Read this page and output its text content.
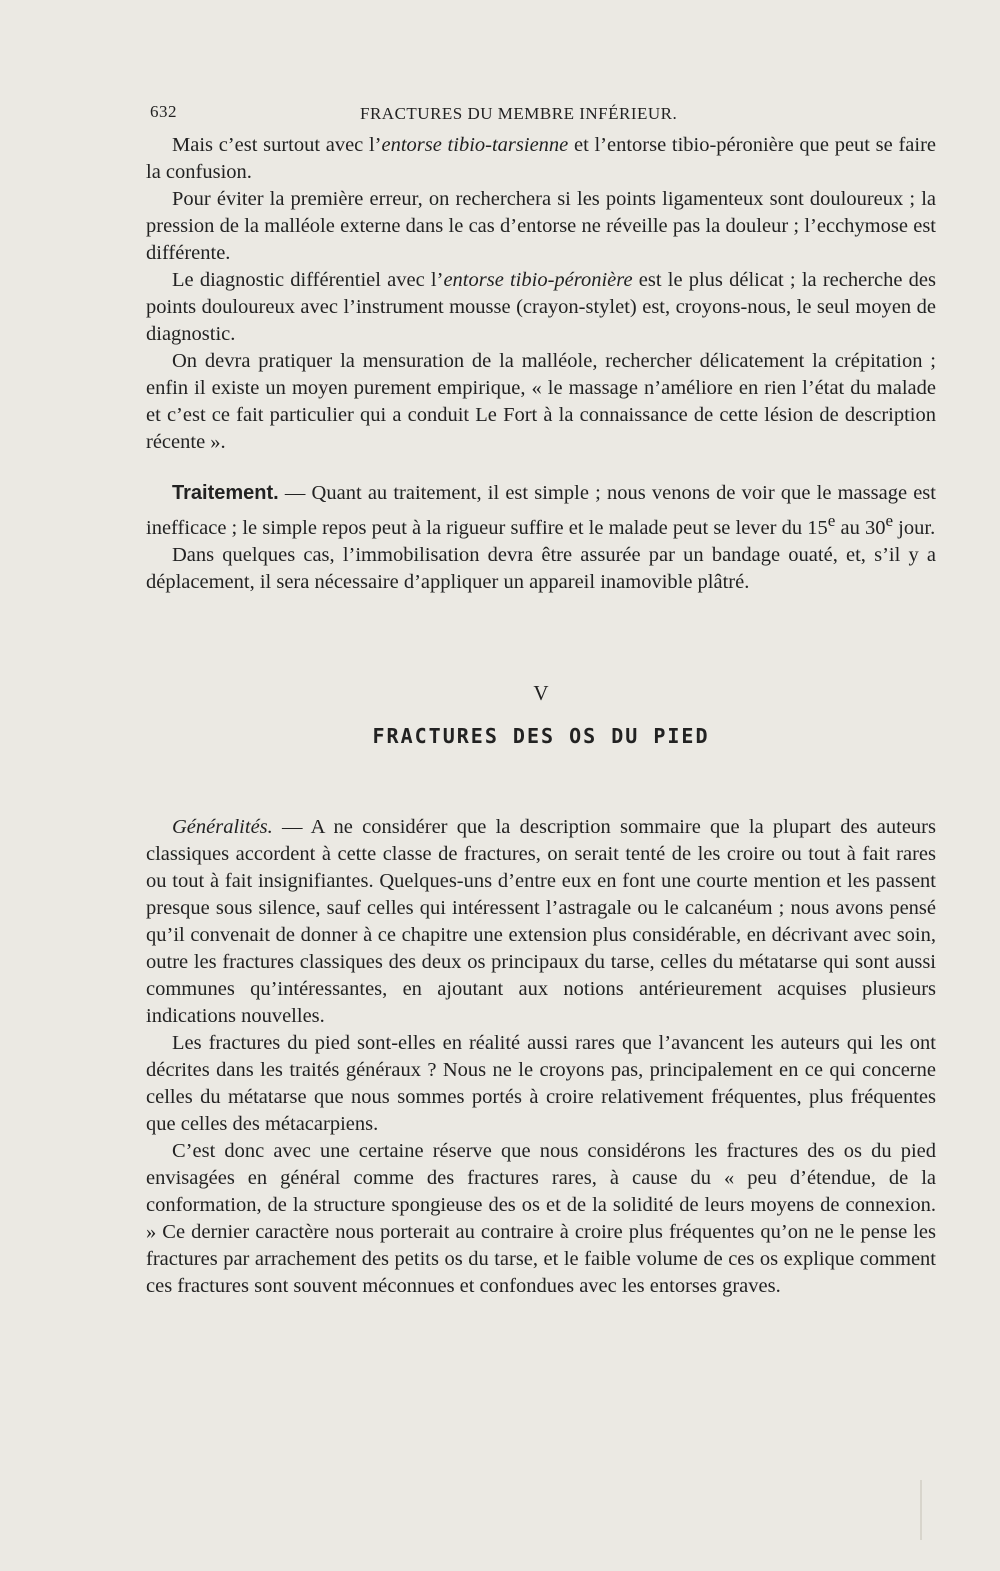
632	FRACTURES DU MEMBRE INFÉRIEUR.

Mais c’est surtout avec l’entorse tibio-tarsienne et l’entorse tibio-péronière que peut se faire la confusion.

Pour éviter la première erreur, on recherchera si les points ligamenteux sont douloureux ; la pression de la malléole externe dans le cas d’entorse ne réveille pas la douleur ; l’ecchymose est différente.

Le diagnostic différentiel avec l’entorse tibio-péronière est le plus délicat ; la recherche des points douloureux avec l’instrument mousse (crayon-stylet) est, croyons-nous, le seul moyen de diagnostic.

On devra pratiquer la mensuration de la malléole, rechercher délicatement la crépitation ; enfin il existe un moyen purement empirique, « le massage n’améliore en rien l’état du malade et c’est ce fait particulier qui a conduit Le Fort à la connaissance de cette lésion de description récente ».

Traitement. — Quant au traitement, il est simple ; nous venons de voir que le massage est inefficace ; le simple repos peut à la rigueur suffire et le malade peut se lever du 15e au 30e jour.

Dans quelques cas, l’immobilisation devra être assurée par un bandage ouaté, et, s’il y a déplacement, il sera nécessaire d’appliquer un appareil inamovible plâtré.

V
FRACTURES DES OS DU PIED

Généralités. — A ne considérer que la description sommaire que la plupart des auteurs classiques accordent à cette classe de fractures, on serait tenté de les croire ou tout à fait rares ou tout à fait insignifiantes. Quelques-uns d’entre eux en font une courte mention et les passent presque sous silence, sauf celles qui intéressent l’astragale ou le calcanéum ; nous avons pensé qu’il convenait de donner à ce chapitre une extension plus considérable, en décrivant avec soin, outre les fractures classiques des deux os principaux du tarse, celles du métatarse qui sont aussi communes qu’intéressantes, en ajoutant aux notions antérieurement acquises plusieurs indications nouvelles.

Les fractures du pied sont-elles en réalité aussi rares que l’avancent les auteurs qui les ont décrites dans les traités généraux ? Nous ne le croyons pas, principalement en ce qui concerne celles du métatarse que nous sommes portés à croire relativement fréquentes, plus fréquentes que celles des métacarpiens.

C’est donc avec une certaine réserve que nous considérons les fractures des os du pied envisagées en général comme des fractures rares, à cause du « peu d’étendue, de la conformation, de la structure spongieuse des os et de la solidité de leurs moyens de connexion. » Ce dernier caractère nous porterait au contraire à croire plus fréquentes qu’on ne le pense les fractures par arrachement des petits os du tarse, et le faible volume de ces os explique comment ces fractures sont souvent méconnues et confondues avec les entorses graves.
